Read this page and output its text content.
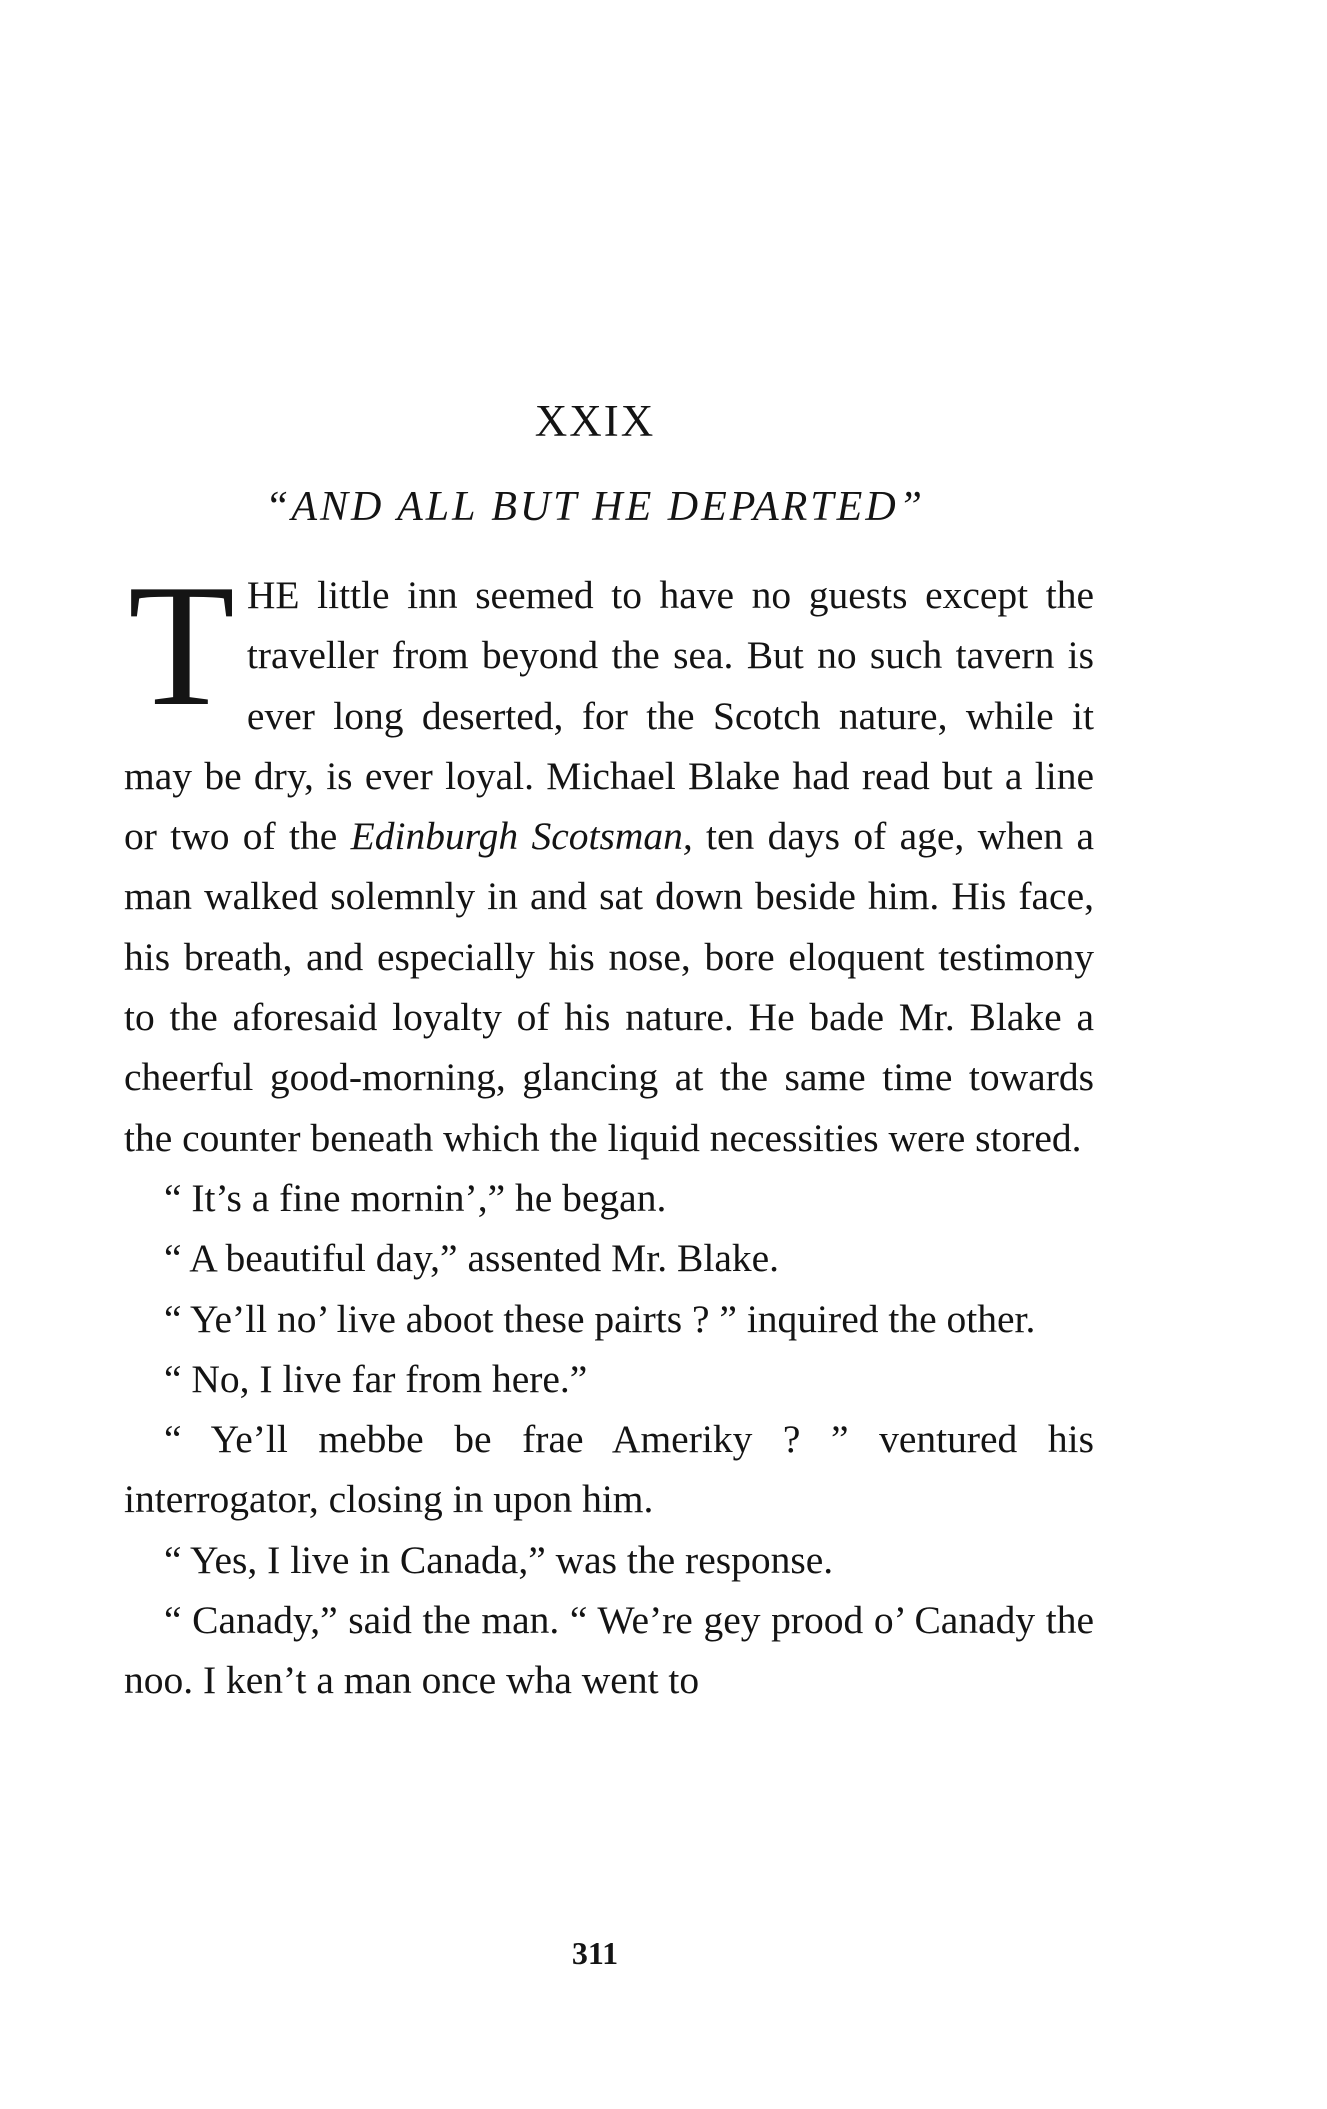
XXIX
“AND ALL BUT HE DEPARTED”

THE little inn seemed to have no guests except the traveller from beyond the sea. But no such tavern is ever long deserted, for the Scotch nature, while it may be dry, is ever loyal. Michael Blake had read but a line or two of the Edinburgh Scotsman, ten days of age, when a man walked solemnly in and sat down beside him. His face, his breath, and especially his nose, bore eloquent testimony to the aforesaid loyalty of his nature. He bade Mr. Blake a cheerful good-morning, glancing at the same time towards the counter beneath which the liquid necessities were stored.

“ It’s a fine mornin’,” he began.

“ A beautiful day,” assented Mr. Blake.

“ Ye’ll no’ live aboot these pairts ? ” inquired the other.

“ No, I live far from here.”

“ Ye’ll mebbe be frae Ameriky ? ” ventured his interrogator, closing in upon him.

“ Yes, I live in Canada,” was the response.

“ Canady,” said the man. “ We’re gey prood o’ Canady the noo. I ken’t a man once wha went to

311
